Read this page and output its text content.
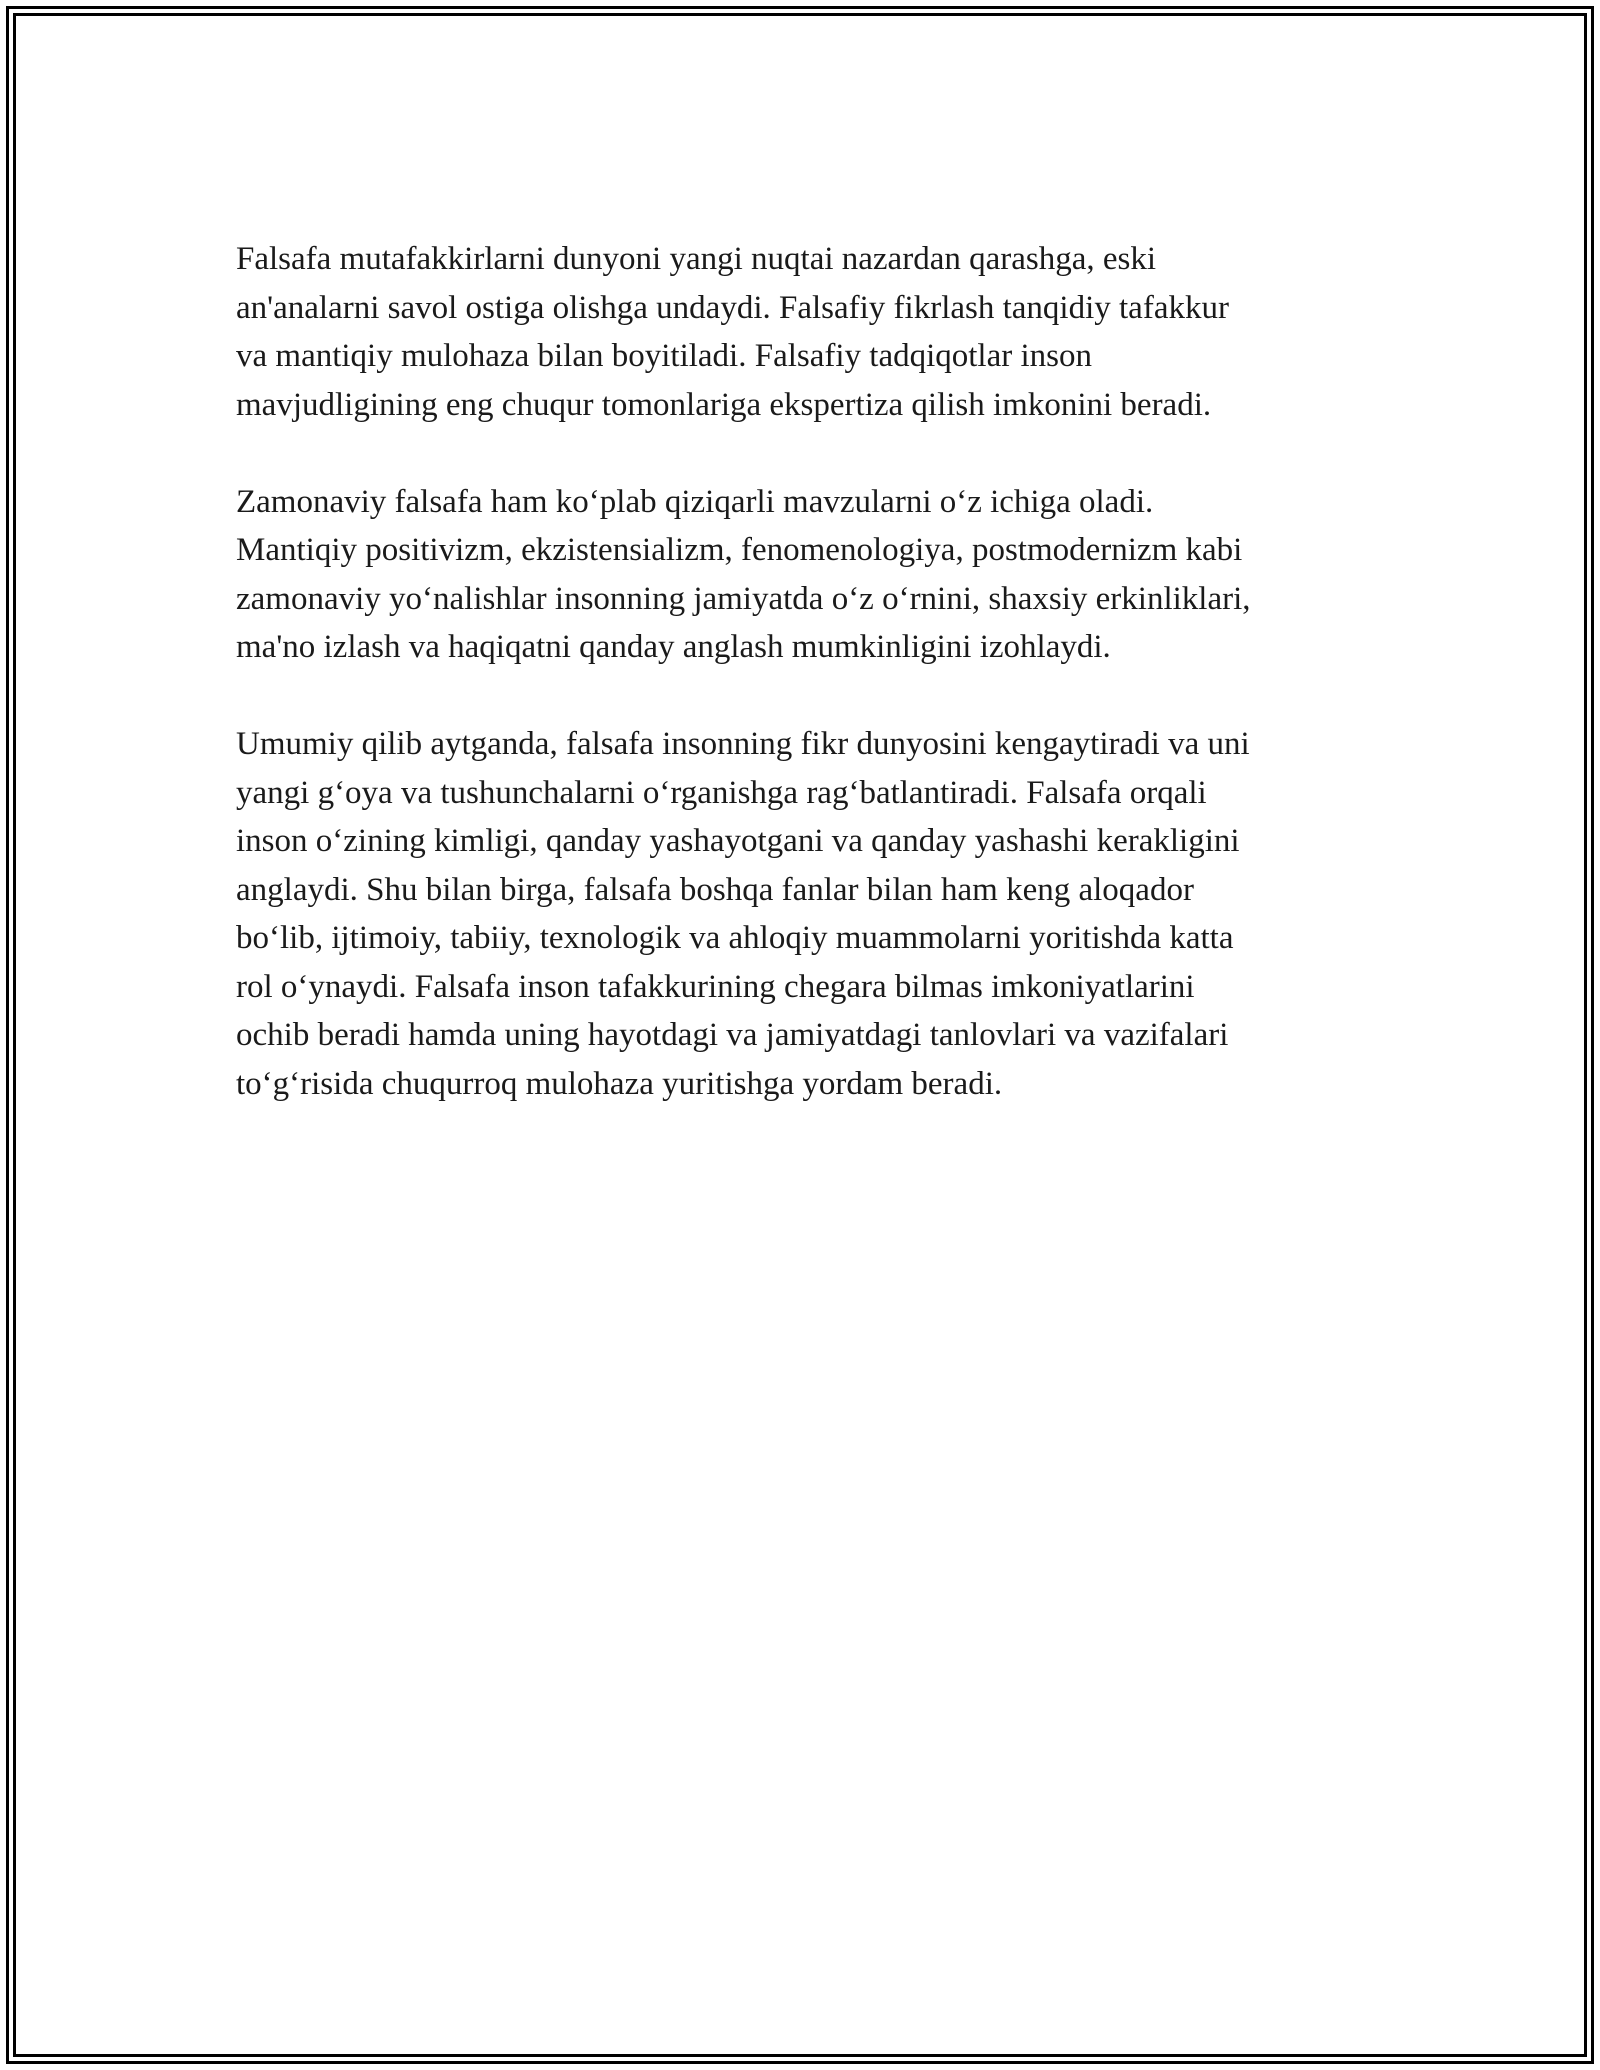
Falsafa mutafakkirlarni dunyoni yangi nuqtai nazardan qarashga, eski
an'analarni savol ostiga olishga undaydi. Falsafiy fikrlash tanqidiy tafakkur
va mantiqiy mulohaza bilan boyitiladi. Falsafiy tadqiqotlar inson
mavjudligining eng chuqur tomonlariga ekspertiza qilish imkonini beradi.

Zamonaviy falsafa ham ko‘plab qiziqarli mavzularni o‘z ichiga oladi.
Mantiqiy positivizm, ekzistensializm, fenomenologiya, postmodernizm kabi
zamonaviy yo‘nalishlar insonning jamiyatda o‘z o‘rnini, shaxsiy erkinliklari,
ma'no izlash va haqiqatni qanday anglash mumkinligini izohlaydi.

Umumiy qilib aytganda, falsafa insonning fikr dunyosini kengaytiradi va uni
yangi g‘oya va tushunchalarni o‘rganishga rag‘batlantiradi. Falsafa orqali
inson o‘zining kimligi, qanday yashayotgani va qanday yashashi kerakligini
anglaydi. Shu bilan birga, falsafa boshqa fanlar bilan ham keng aloqador
bo‘lib, ijtimoiy, tabiiy, texnologik va ahloqiy muammolarni yoritishda katta
rol o‘ynaydi. Falsafa inson tafakkurining chegara bilmas imkoniyatlarini
ochib beradi hamda uning hayotdagi va jamiyatdagi tanlovlari va vazifalari
to‘g‘risida chuqurroq mulohaza yuritishga yordam beradi.
